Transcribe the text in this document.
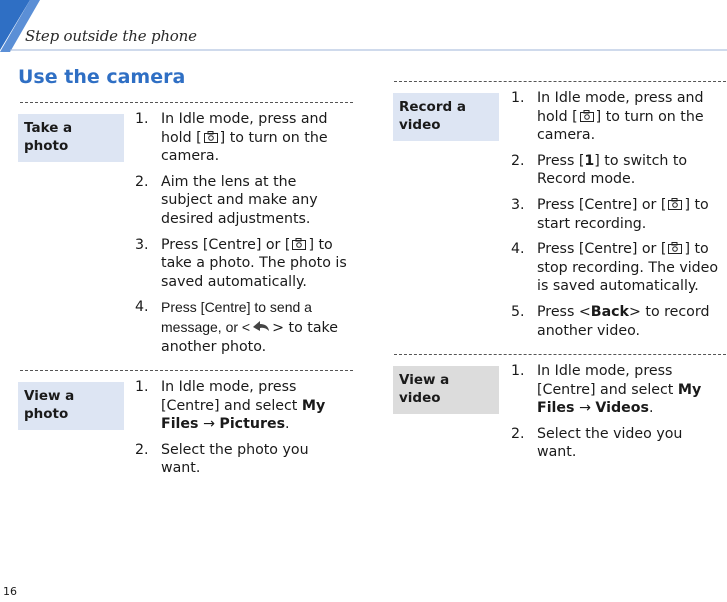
Step outside the phone
Use the camera
Take a photo
1. In Idle mode, press and hold [ ] to turn on the camera.
2. Aim the lens at the subject and make any desired adjustments.
3. Press [Centre] or [ ] to take a photo. The photo is saved automatically.
4. Press [Centre] to send a message, or < > to take another photo.
View a photo
1. In Idle mode, press [Centre] and select My Files → Pictures.
2. Select the photo you want.
Record a video
1. In Idle mode, press and hold [ ] to turn on the camera.
2. Press [1] to switch to Record mode.
3. Press [Centre] or [ ] to start recording.
4. Press [Centre] or [ ] to stop recording. The video is saved automatically.
5. Press <Back> to record another video.
View a video
1. In Idle mode, press [Centre] and select My Files → Videos.
2. Select the video you want.
16
